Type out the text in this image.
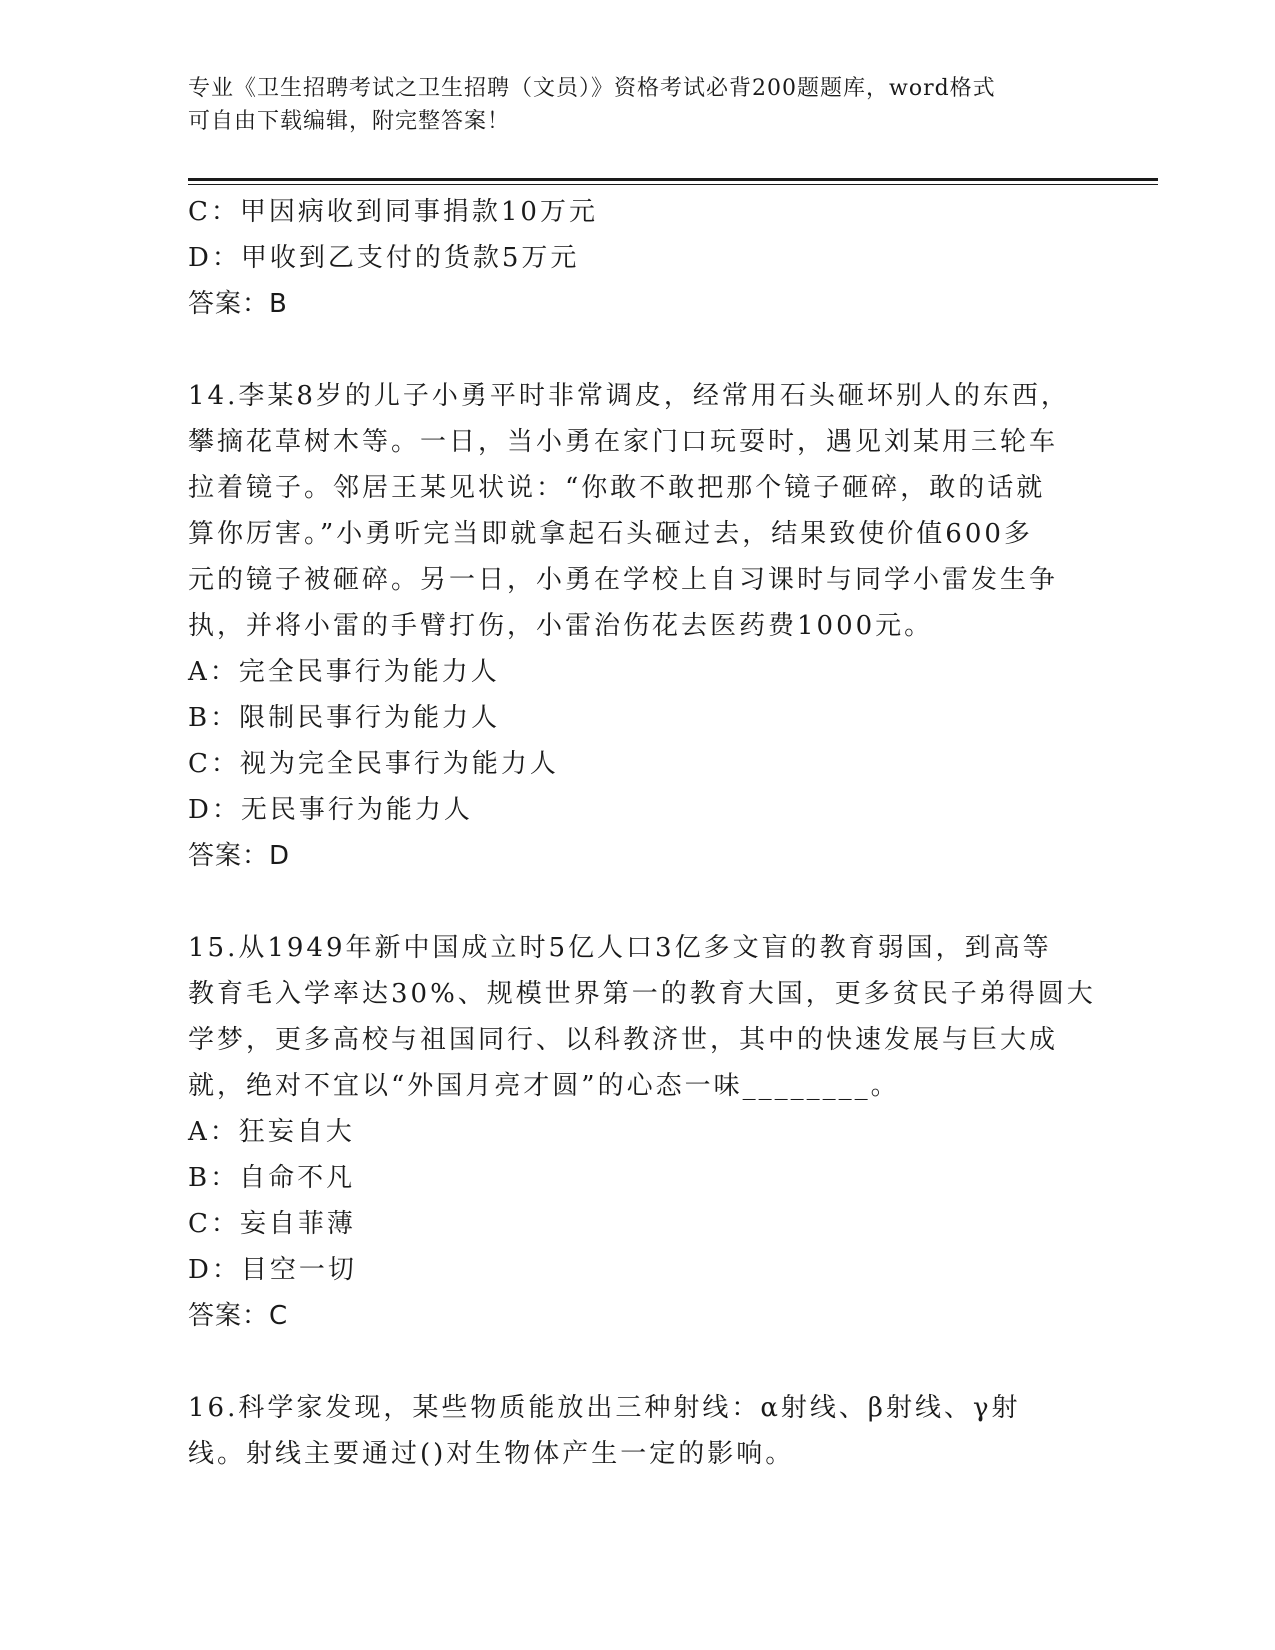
专业《卫生招聘考试之卫生招聘（文员）》资格考试必背200题题库，word格式
可自由下载编辑，附完整答案！
C：甲因病收到同事捐款10万元
D：甲收到乙支付的货款5万元
答案：B
14.李某8岁的儿子小勇平时非常调皮，经常用石头砸坏别人的东西，
攀摘花草树木等。一日，当小勇在家门口玩耍时，遇见刘某用三轮车
拉着镜子。邻居王某见状说：“你敢不敢把那个镜子砸碎，敢的话就
算你厉害。”小勇听完当即就拿起石头砸过去，结果致使价值600多
元的镜子被砸碎。另一日，小勇在学校上自习课时与同学小雷发生争
执，并将小雷的手臂打伤，小雷治伤花去医药费1000元。
A：完全民事行为能力人
B：限制民事行为能力人
C：视为完全民事行为能力人
D：无民事行为能力人
答案：D
15.从1949年新中国成立时5亿人口3亿多文盲的教育弱国，到高等
教育毛入学率达30%、规模世界第一的教育大国，更多贫民子弟得圆大
学梦，更多高校与祖国同行、以科教济世，其中的快速发展与巨大成
就，绝对不宜以“外国月亮才圆”的心态一味________。
A：狂妄自大
B：自命不凡
C：妄自菲薄
D：目空一切
答案：C
16.科学家发现，某些物质能放出三种射线：α射线、β射线、γ射
线。射线主要通过()对生物体产生一定的影响。
